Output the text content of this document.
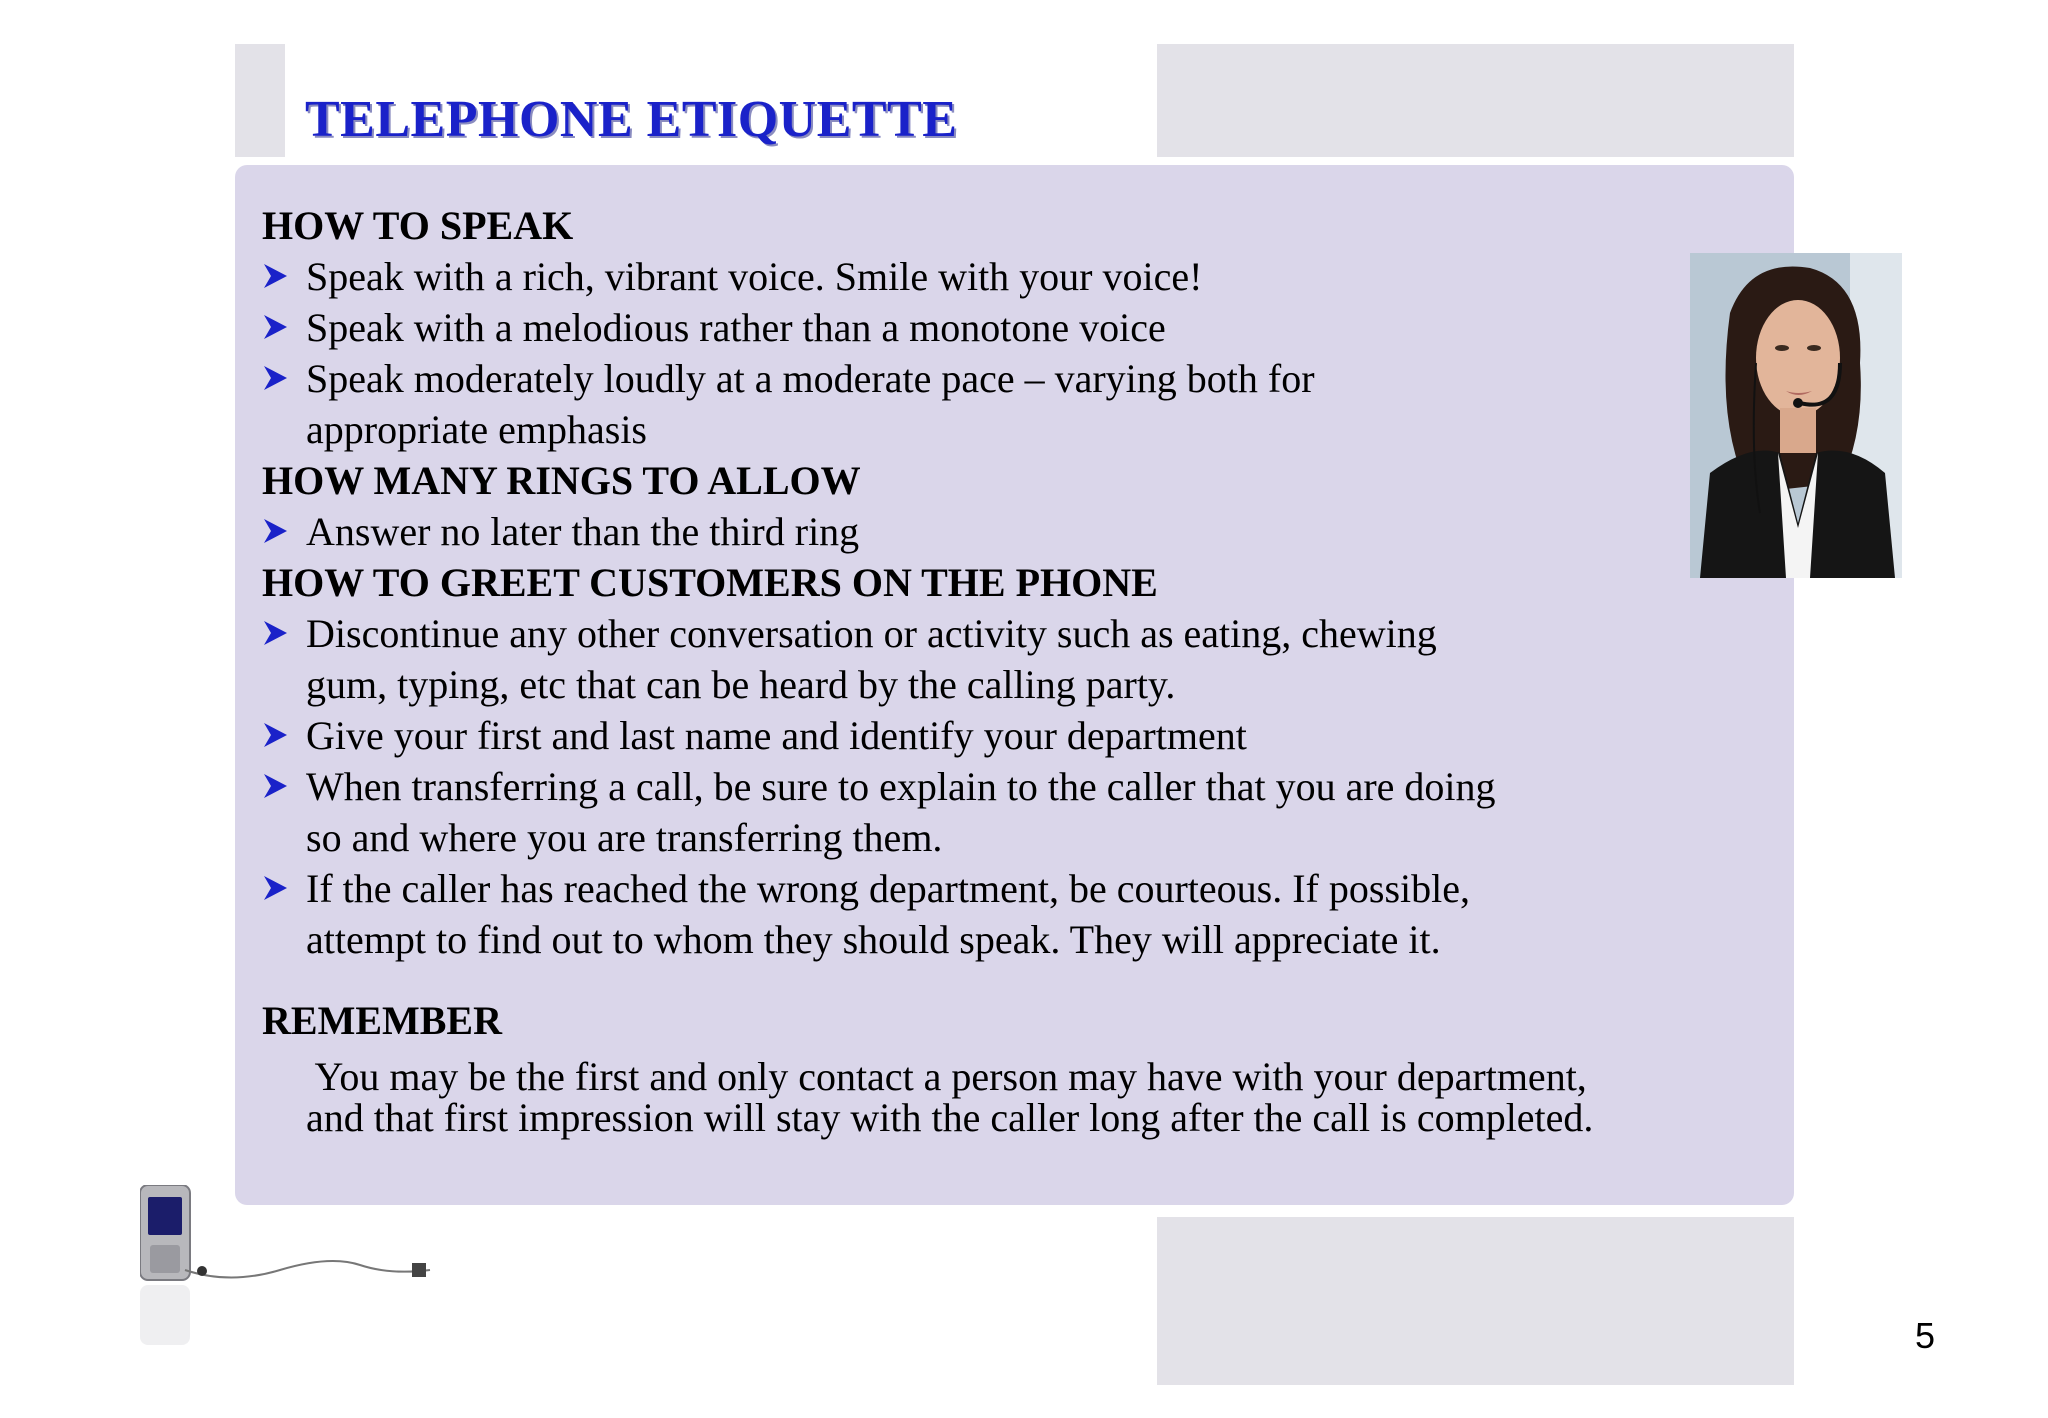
TELEPHONE ETIQUETTE

HOW TO SPEAK

Speak with a rich, vibrant voice. Smile with your voice!

Speak with a melodious rather than a monotone voice

Speak moderately loudly at a moderate pace – varying both for
appropriate emphasis

HOW MANY RINGS TO ALLOW

Answer no later than the third ring

HOW TO GREET CUSTOMERS ON THE PHONE

Discontinue any other conversation or activity such as eating, chewing
gum, typing, etc that can be heard by the calling party.

Give your first and last name and identify your department

When transferring a call, be sure to explain to the caller that you are doing
so and where you are transferring them.

If the caller has reached the wrong department, be courteous. If possible,
attempt to find out to whom they should speak. They will appreciate it.

REMEMBER

You may be the first and only contact a person may have with your department,
and that first impression will stay with the caller long after the call is completed.

5
